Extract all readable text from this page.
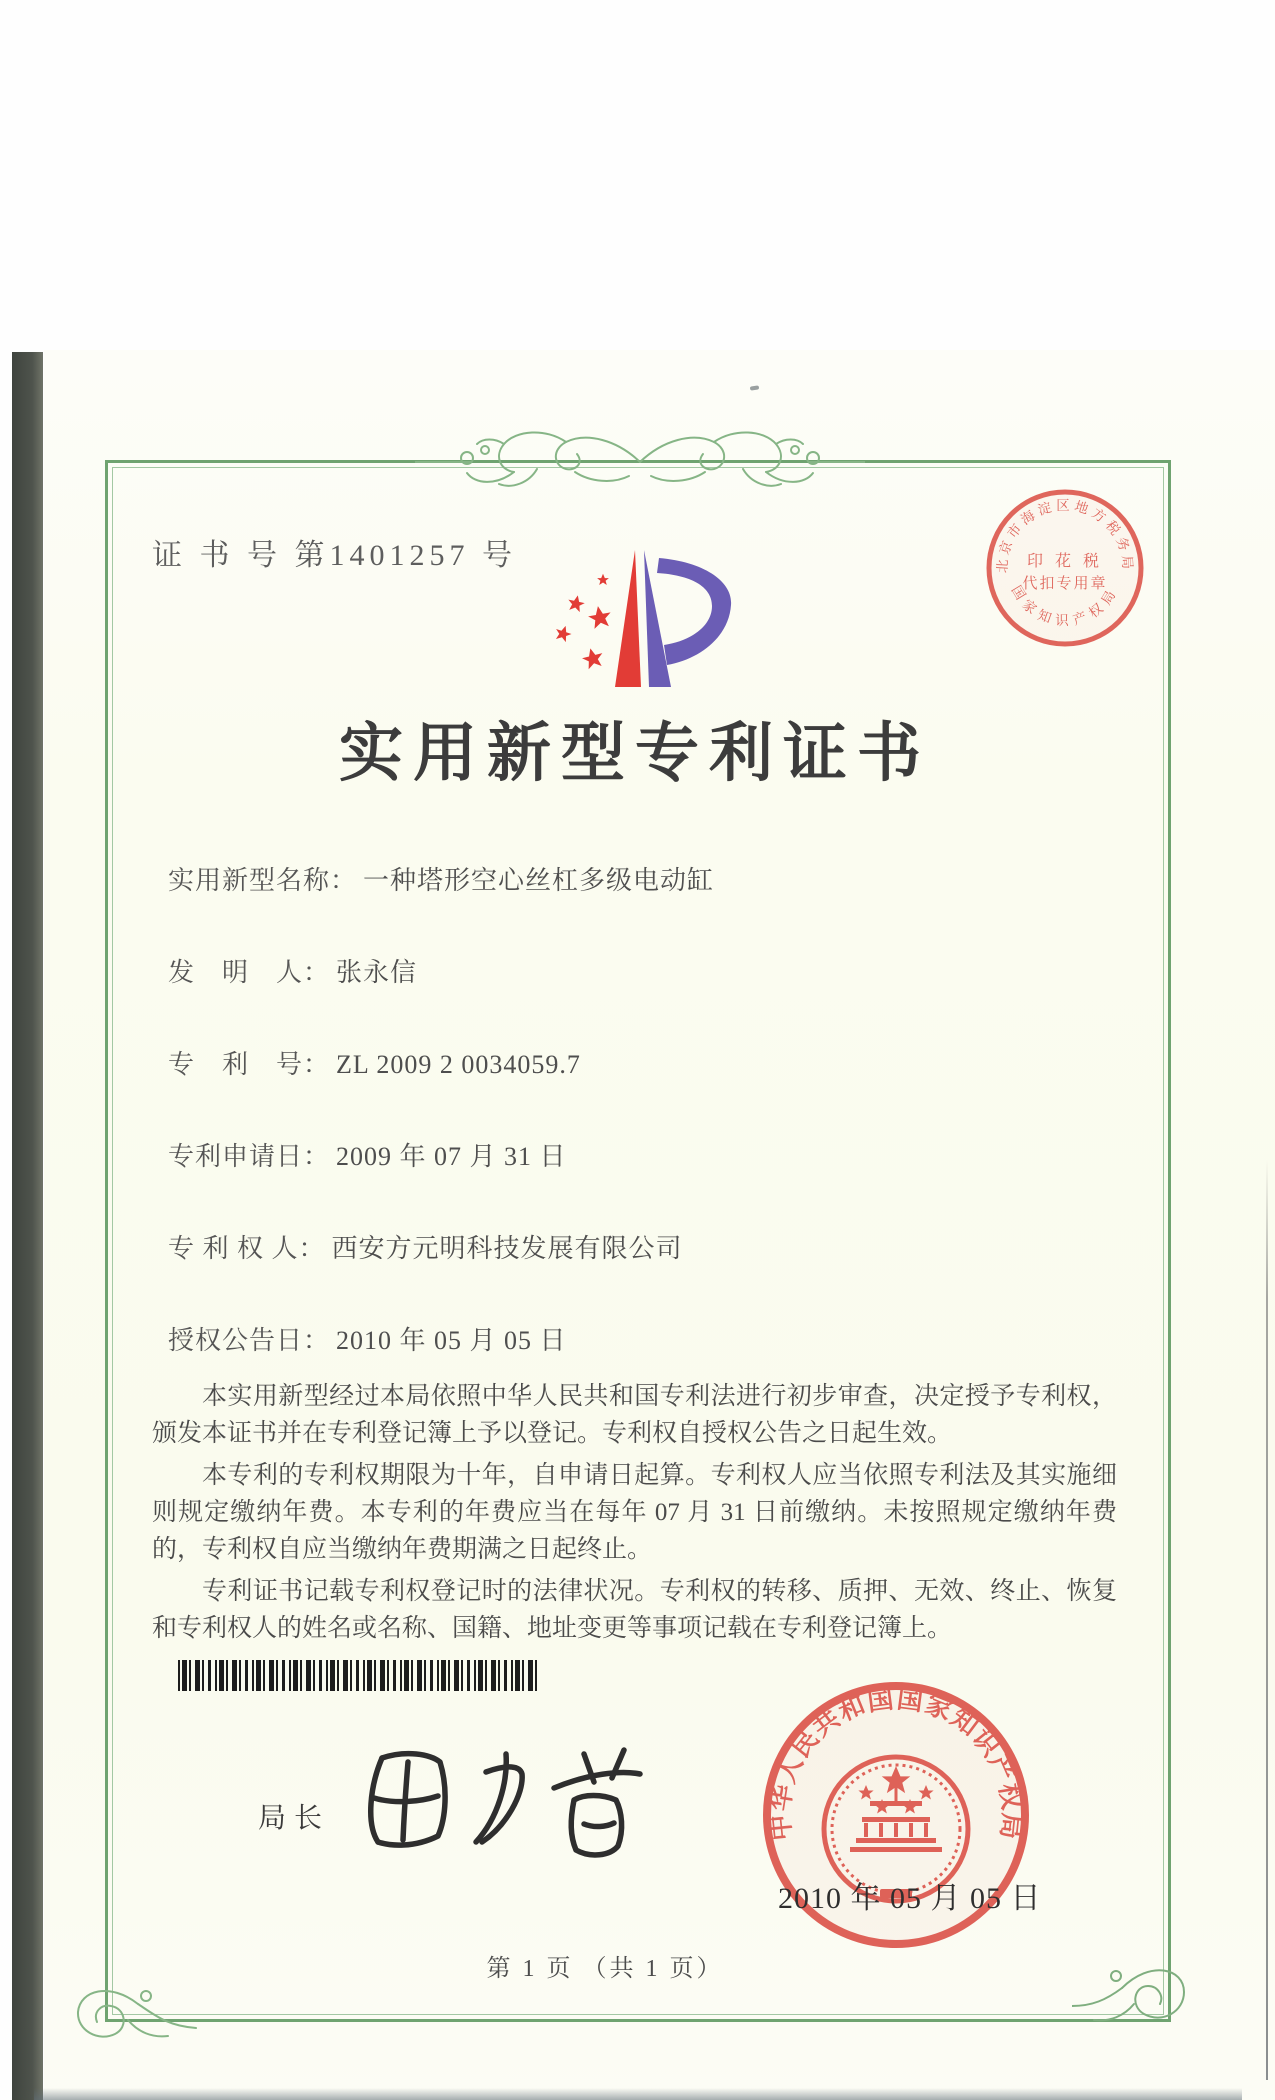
证 书 号 第1401257 号	北京市海淀区地方税务局
国家知识产权局
印 花 税
代扣专用章
实用新型专利证书
实用新型名称： 一种塔形空心丝杠多级电动缸
发　明　人： 张永信
专　利　号： ZL 2009 2 0034059.7
专利申请日： 2009 年 07 月 31 日
专 利 权 人： 西安方元明科技发展有限公司
授权公告日： 2010 年 05 月 05 日

本实用新型经过本局依照中华人民共和国专利法进行初步审查，决定授予专利权，颁发本证书并在专利登记簿上予以登记。专利权自授权公告之日起生效。

本专利的专利权期限为十年，自申请日起算。专利权人应当依照专利法及其实施细则规定缴纳年费。本专利的年费应当在每年 07 月 31 日前缴纳。未按照规定缴纳年费的，专利权自应当缴纳年费期满之日起终止。

专利证书记载专利权登记时的法律状况。专利权的转移、质押、无效、终止、恢复和专利权人的姓名或名称、国籍、地址变更等事项记载在专利登记簿上。

局长	中华人民共和国国家知识产权局
2010 年 05 月 05 日
第 1 页 （共 1 页）
